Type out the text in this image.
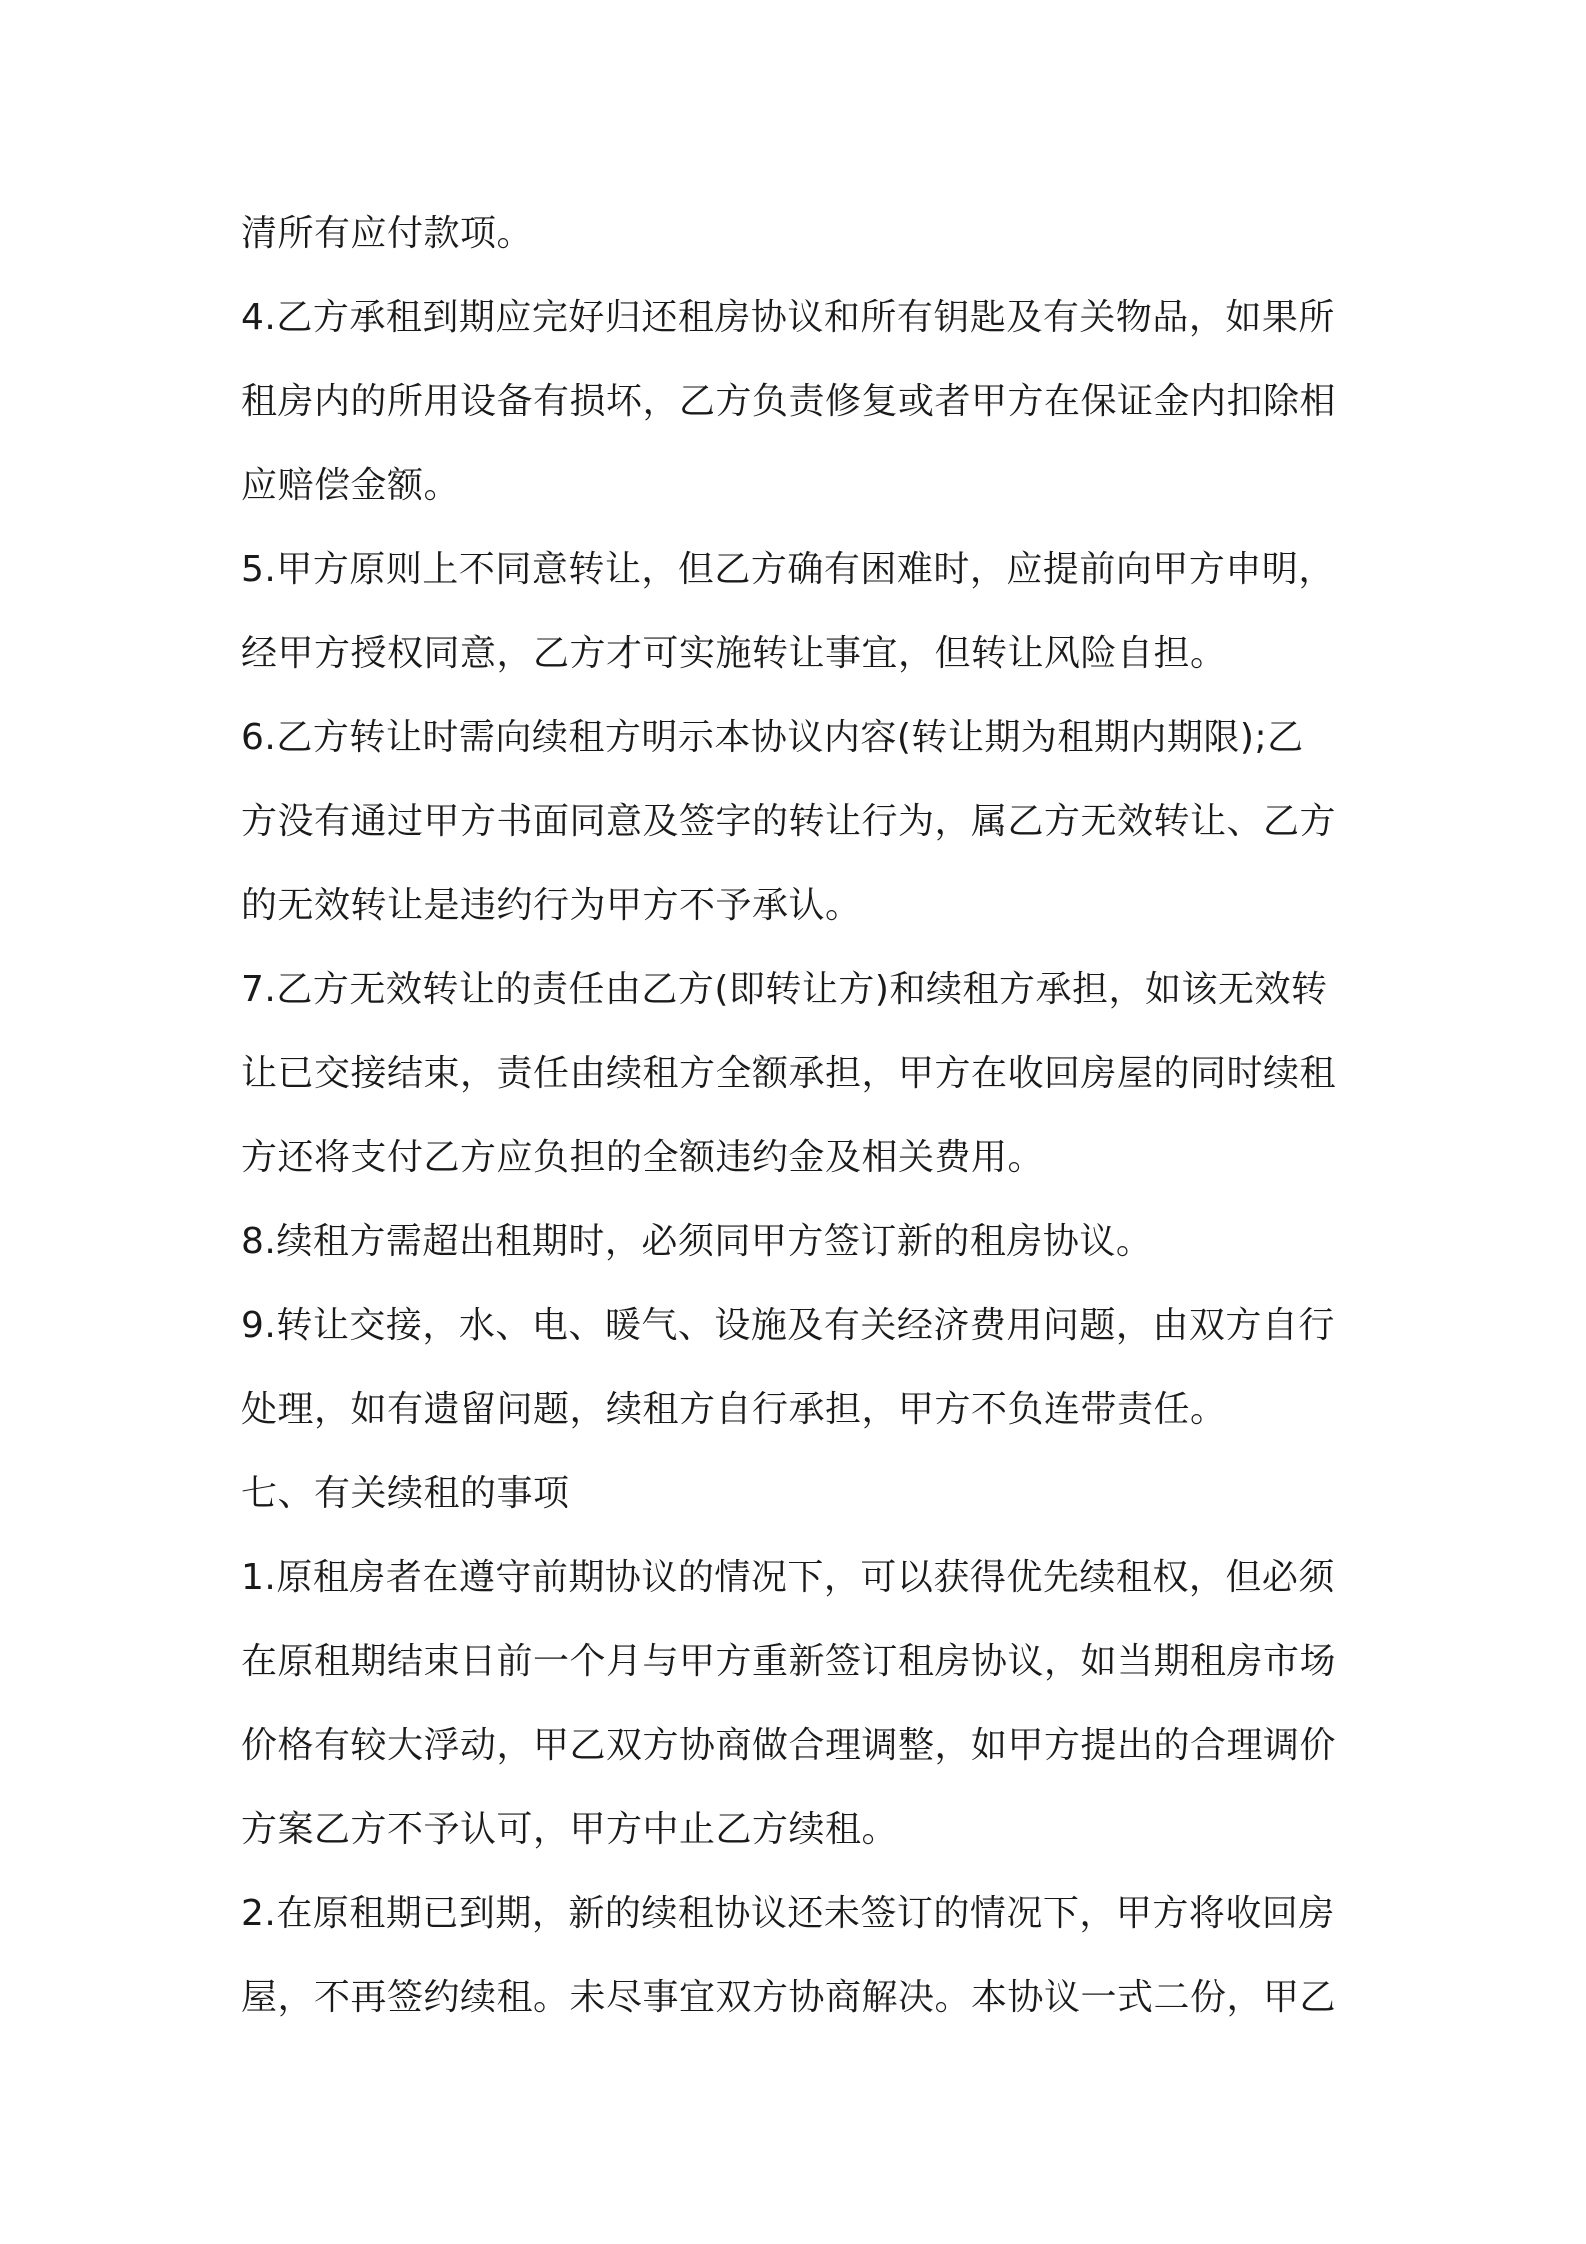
清所有应付款项。
4.乙方承租到期应完好归还租房协议和所有钥匙及有关物品，如果所
租房内的所用设备有损坏，乙方负责修复或者甲方在保证金内扣除相
应赔偿金额。
5.甲方原则上不同意转让，但乙方确有困难时，应提前向甲方申明，
经甲方授权同意，乙方才可实施转让事宜，但转让风险自担。
6.乙方转让时需向续租方明示本协议内容(转让期为租期内期限);乙
方没有通过甲方书面同意及签字的转让行为，属乙方无效转让、乙方
的无效转让是违约行为甲方不予承认。
7.乙方无效转让的责任由乙方(即转让方)和续租方承担，如该无效转
让已交接结束，责任由续租方全额承担，甲方在收回房屋的同时续租
方还将支付乙方应负担的全额违约金及相关费用。
8.续租方需超出租期时，必须同甲方签订新的租房协议。
9.转让交接，水、电、暖气、设施及有关经济费用问题，由双方自行
处理，如有遗留问题，续租方自行承担，甲方不负连带责任。
七、有关续租的事项
1.原租房者在遵守前期协议的情况下，可以获得优先续租权，但必须
在原租期结束日前一个月与甲方重新签订租房协议，如当期租房市场
价格有较大浮动，甲乙双方协商做合理调整，如甲方提出的合理调价
方案乙方不予认可，甲方中止乙方续租。
2.在原租期已到期，新的续租协议还未签订的情况下，甲方将收回房
屋，不再签约续租。未尽事宜双方协商解决。本协议一式二份，甲乙
